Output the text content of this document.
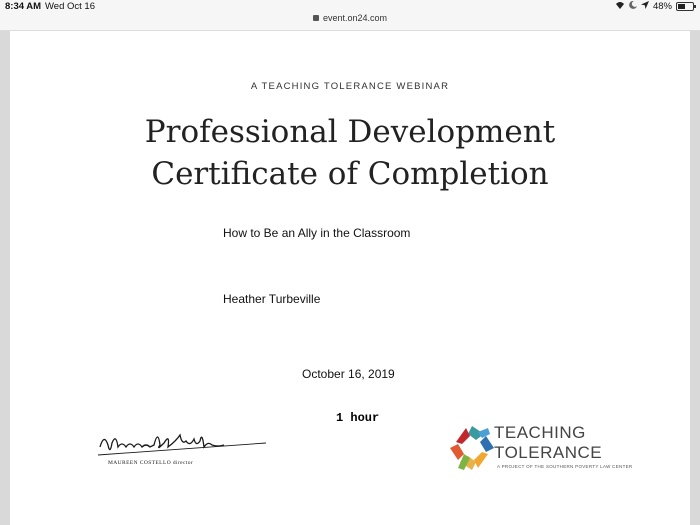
8:34 AM Wed Oct 16
event.on24.com
48%
A TEACHING TOLERANCE WEBINAR
Professional Development
Certificate of Completion
How to Be an Ally in the Classroom
Heather Turbeville
October 16, 2019
1 hour
MAUREEN COSTELLO director
TEACHING
TOLERANCE
A PROJECT OF THE SOUTHERN POVERTY LAW CENTER
